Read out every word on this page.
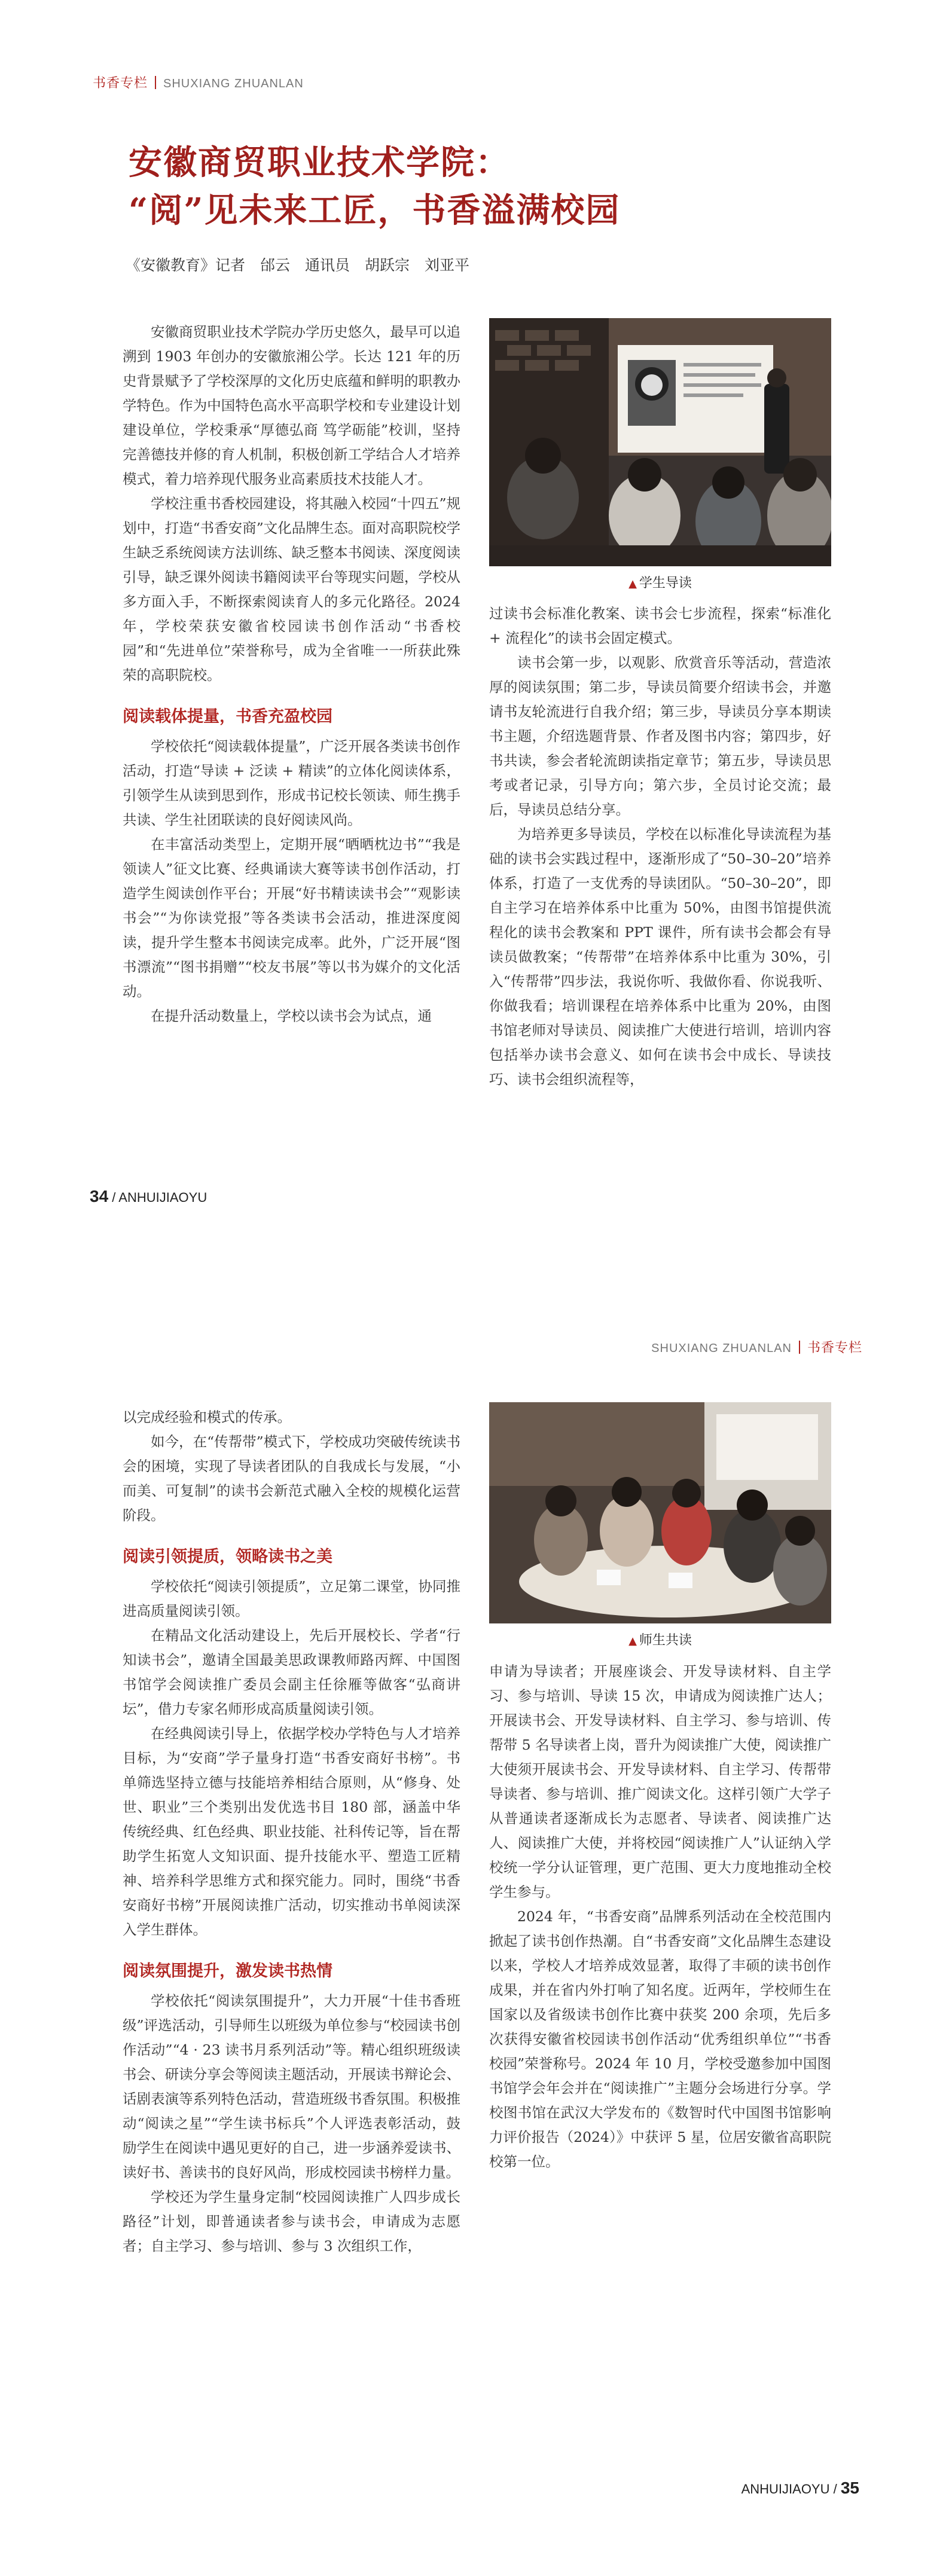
书香专栏 SHUXIANG ZHUANLAN
安徽商贸职业技术学院：
“阅”见未来工匠，书香溢满校园
《安徽教育》记者　邰云　通讯员　胡跃宗　刘亚平

安徽商贸职业技术学院办学历史悠久，最早可以追溯到 1903 年创办的安徽旅湘公学。长达 121 年的历史背景赋予了学校深厚的文化历史底蕴和鲜明的职教办学特色。作为中国特色高水平高职学校和专业建设计划建设单位，学校秉承“厚德弘商 笃学砺能”校训，坚持完善德技并修的育人机制，积极创新工学结合人才培养模式，着力培养现代服务业高素质技术技能人才。

学校注重书香校园建设，将其融入校园“十四五”规划中，打造“书香安商”文化品牌生态。面对高职院校学生缺乏系统阅读方法训练、缺乏整本书阅读、深度阅读引导，缺乏课外阅读书籍阅读平台等现实问题，学校从多方面入手，不断探索阅读育人的多元化路径。2024 年，学校荣获安徽省校园读书创作活动“书香校园”和“先进单位”荣誉称号，成为全省唯一一所获此殊荣的高职院校。

阅读载体提量，书香充盈校园

学校依托“阅读载体提量”，广泛开展各类读书创作活动，打造“导读 + 泛读 + 精读”的立体化阅读体系，引领学生从读到思到作，形成书记校长领读、师生携手共读、学生社团联读的良好阅读风尚。

在丰富活动类型上，定期开展“晒晒枕边书”“我是领读人”征文比赛、经典诵读大赛等读书创作活动，打造学生阅读创作平台；开展“好书精读读书会”“观影读书会”“为你读党报”等各类读书会活动，推进深度阅读，提升学生整本书阅读完成率。此外，广泛开展“图书漂流”“图书捐赠”“校友书展”等以书为媒介的文化活动。

在提升活动数量上，学校以读书会为试点，通

▲ 学生导读

过读书会标准化教案、读书会七步流程，探索“标准化 + 流程化”的读书会固定模式。

读书会第一步，以观影、欣赏音乐等活动，营造浓厚的阅读氛围；第二步，导读员简要介绍读书会，并邀请书友轮流进行自我介绍；第三步，导读员分享本期读书主题，介绍选题背景、作者及图书内容；第四步，好书共读，参会者轮流朗读指定章节；第五步，导读员思考或者记录，引导方向；第六步，全员讨论交流；最后，导读员总结分享。

为培养更多导读员，学校在以标准化导读流程为基础的读书会实践过程中，逐渐形成了“50–30–20”培养体系，打造了一支优秀的导读团队。“50–30–20”，即自主学习在培养体系中比重为 50%，由图书馆提供流程化的读书会教案和 PPT 课件，所有读书会都会有导读员做教案；“传帮带”在培养体系中比重为 30%，引入“传帮带”四步法，我说你听、我做你看、你说我听、你做我看；培训课程在培养体系中比重为 20%，由图书馆老师对导读员、阅读推广大使进行培训，培训内容包括举办读书会意义、如何在读书会中成长、导读技巧、读书会组织流程等，

34 / ANHUIJIAOYU
SHUXIANG ZHUANLAN 书香专栏

以完成经验和模式的传承。

如今，在“传帮带”模式下，学校成功突破传统读书会的困境，实现了导读者团队的自我成长与发展，“小而美、可复制”的读书会新范式融入全校的规模化运营阶段。

阅读引领提质，领略读书之美

学校依托“阅读引领提质”，立足第二课堂，协同推进高质量阅读引领。

在精品文化活动建设上，先后开展校长、学者“行知读书会”，邀请全国最美思政课教师路丙辉、中国图书馆学会阅读推广委员会副主任徐雁等做客“弘商讲坛”，借力专家名师形成高质量阅读引领。

在经典阅读引导上，依据学校办学特色与人才培养目标，为“安商”学子量身打造“书香安商好书榜”。书单筛选坚持立德与技能培养相结合原则，从“修身、处世、职业”三个类别出发优选书目 180 部，涵盖中华传统经典、红色经典、职业技能、社科传记等，旨在帮助学生拓宽人文知识面、提升技能水平、塑造工匠精神、培养科学思维方式和探究能力。同时，围绕“书香安商好书榜”开展阅读推广活动，切实推动书单阅读深入学生群体。

阅读氛围提升，激发读书热情

学校依托“阅读氛围提升”，大力开展“十佳书香班级”评选活动，引导师生以班级为单位参与“校园读书创作活动”“4 · 23 读书月系列活动”等。精心组织班级读书会、研读分享会等阅读主题活动，开展读书辩论会、话剧表演等系列特色活动，营造班级书香氛围。积极推动“阅读之星”“学生读书标兵”个人评选表彰活动，鼓励学生在阅读中遇见更好的自己，进一步涵养爱读书、读好书、善读书的良好风尚，形成校园读书榜样力量。

学校还为学生量身定制“校园阅读推广人四步成长路径”计划，即普通读者参与读书会，申请成为志愿者；自主学习、参与培训、参与 3 次组织工作，

▲ 师生共读

申请为导读者；开展座谈会、开发导读材料、自主学习、参与培训、导读 15 次，申请成为阅读推广达人；开展读书会、开发导读材料、自主学习、参与培训、传帮带 5 名导读者上岗，晋升为阅读推广大使，阅读推广大使须开展读书会、开发导读材料、自主学习、传帮带导读者、参与培训、推广阅读文化。这样引领广大学子从普通读者逐渐成长为志愿者、导读者、阅读推广达人、阅读推广大使，并将校园“阅读推广人”认证纳入学校统一学分认证管理，更广范围、更大力度地推动全校学生参与。

2024 年，“书香安商”品牌系列活动在全校范围内掀起了读书创作热潮。自“书香安商”文化品牌生态建设以来，学校人才培养成效显著，取得了丰硕的读书创作成果，并在省内外打响了知名度。近两年，学校师生在国家以及省级读书创作比赛中获奖 200 余项，先后多次获得安徽省校园读书创作活动“优秀组织单位”“书香校园”荣誉称号。2024 年 10 月，学校受邀参加中国图书馆学会年会并在“阅读推广”主题分会场进行分享。学校图书馆在武汉大学发布的《数智时代中国图书馆影响力评价报告（2024）》中获评 5 星，位居安徽省高职院校第一位。

ANHUIJIAOYU / 35
